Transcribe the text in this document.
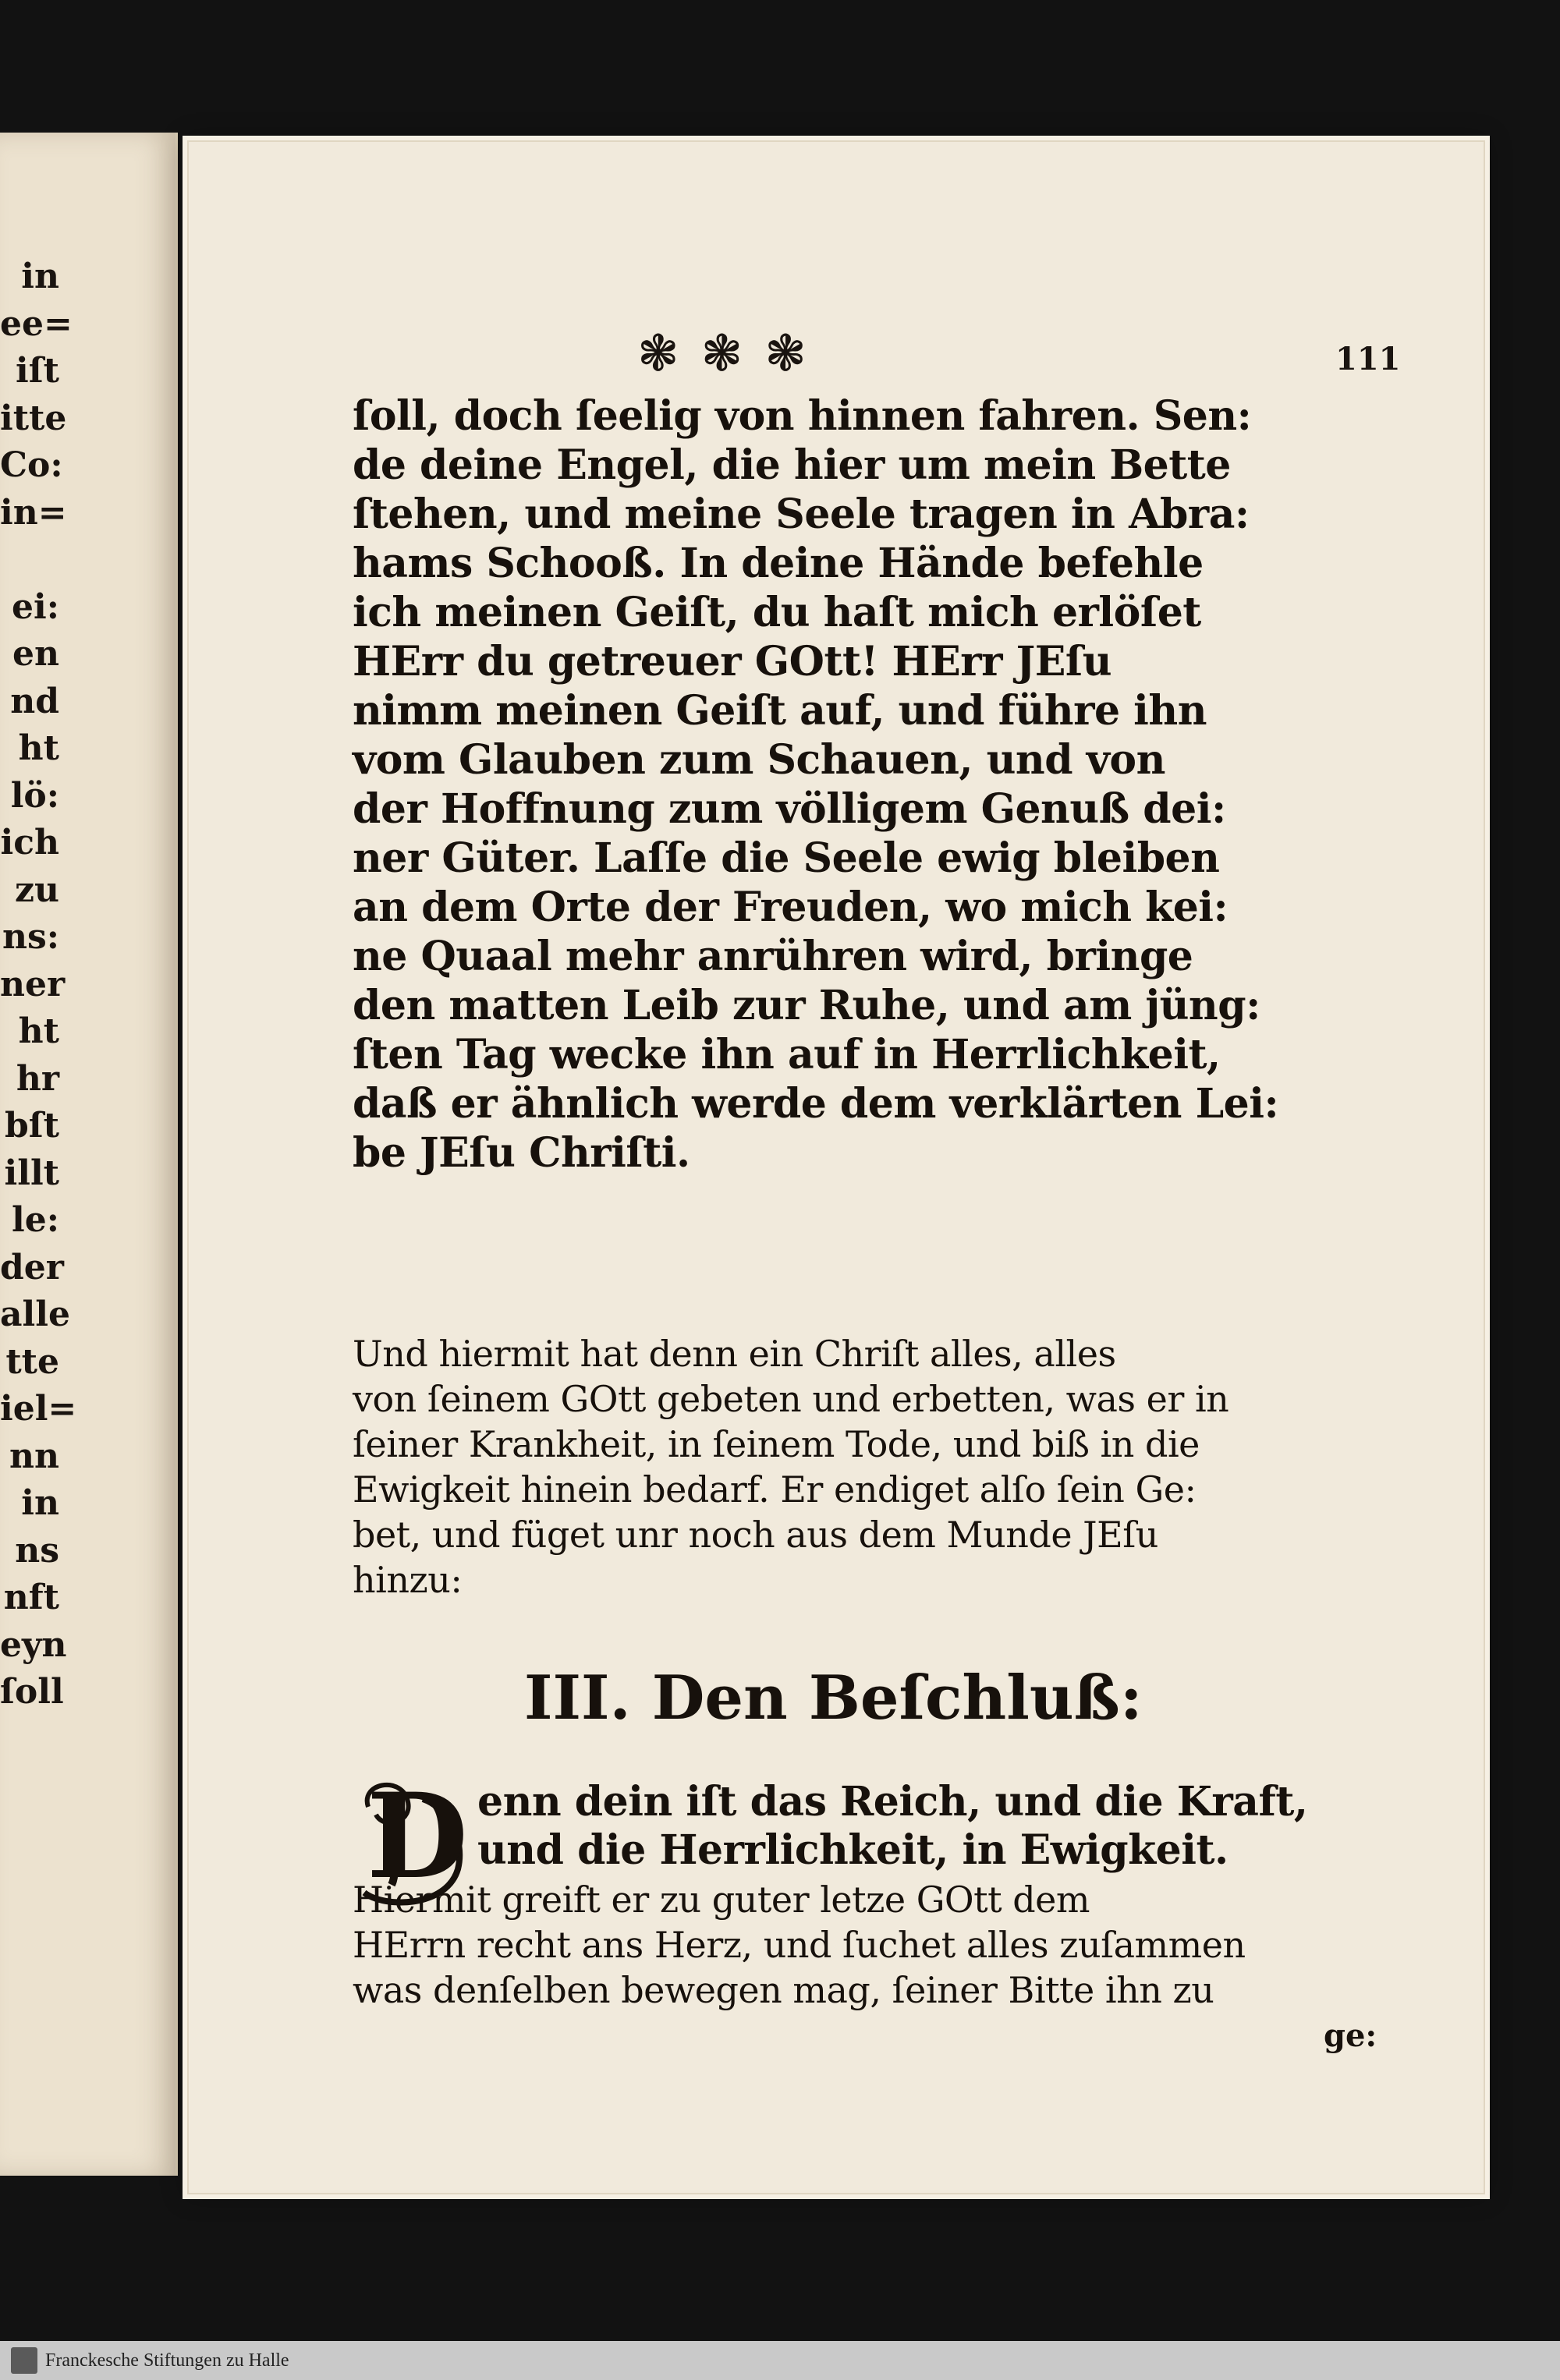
in
ee=
iſt
itte
Co:
in=
ei:
en
nd
ht
lö:
ich
zu
ns:
ner
ht
hr
bſt
illt
le:
der
alle
tte
iel=
nn
in
ns
nft
eyn
ſoll
❃❃❃	111
ſoll, doch ſeelig von hinnen fahren. Sen:
de deine Engel, die hier um mein Bette
ſtehen, und meine Seele tragen in Abra:
hams Schooß. In deine Hände befehle
ich meinen Geiſt, du haſt mich erlöſet
HErr du getreuer GOtt! HErr JEſu
nimm meinen Geiſt auf, und führe ihn
vom Glauben zum Schauen, und von
der Hoffnung zum völligem Genuß dei:
ner Güter. Laſſe die Seele ewig bleiben
an dem Orte der Freuden, wo mich kei:
ne Quaal mehr anrühren wird, bringe
den matten Leib zur Ruhe, und am jüng:
ſten Tag wecke ihn auf in Herrlichkeit,
daß er ähnlich werde dem verklärten Lei:
be JEſu Chriſti.
Und hiermit hat denn ein Chriſt alles, alles
von ſeinem GOtt gebeten und erbetten, was er in
ſeiner Krankheit, in ſeinem Tode, und biß in die
Ewigkeit hinein bedarf. Er endiget alſo ſein Ge:
bet, und füget unr noch aus dem Munde JEſu
hinzu:
III. Den Beſchluß:
D enn dein iſt das Reich, und die Kraft,
und die Herrlichkeit, in Ewigkeit.
Hiermit greift er zu guter letze GOtt dem
HErrn recht ans Herz, und ſuchet alles zuſammen
was denſelben bewegen mag, ſeiner Bitte ihn zu
ge:
Franckesche Stiftungen zu Halle
